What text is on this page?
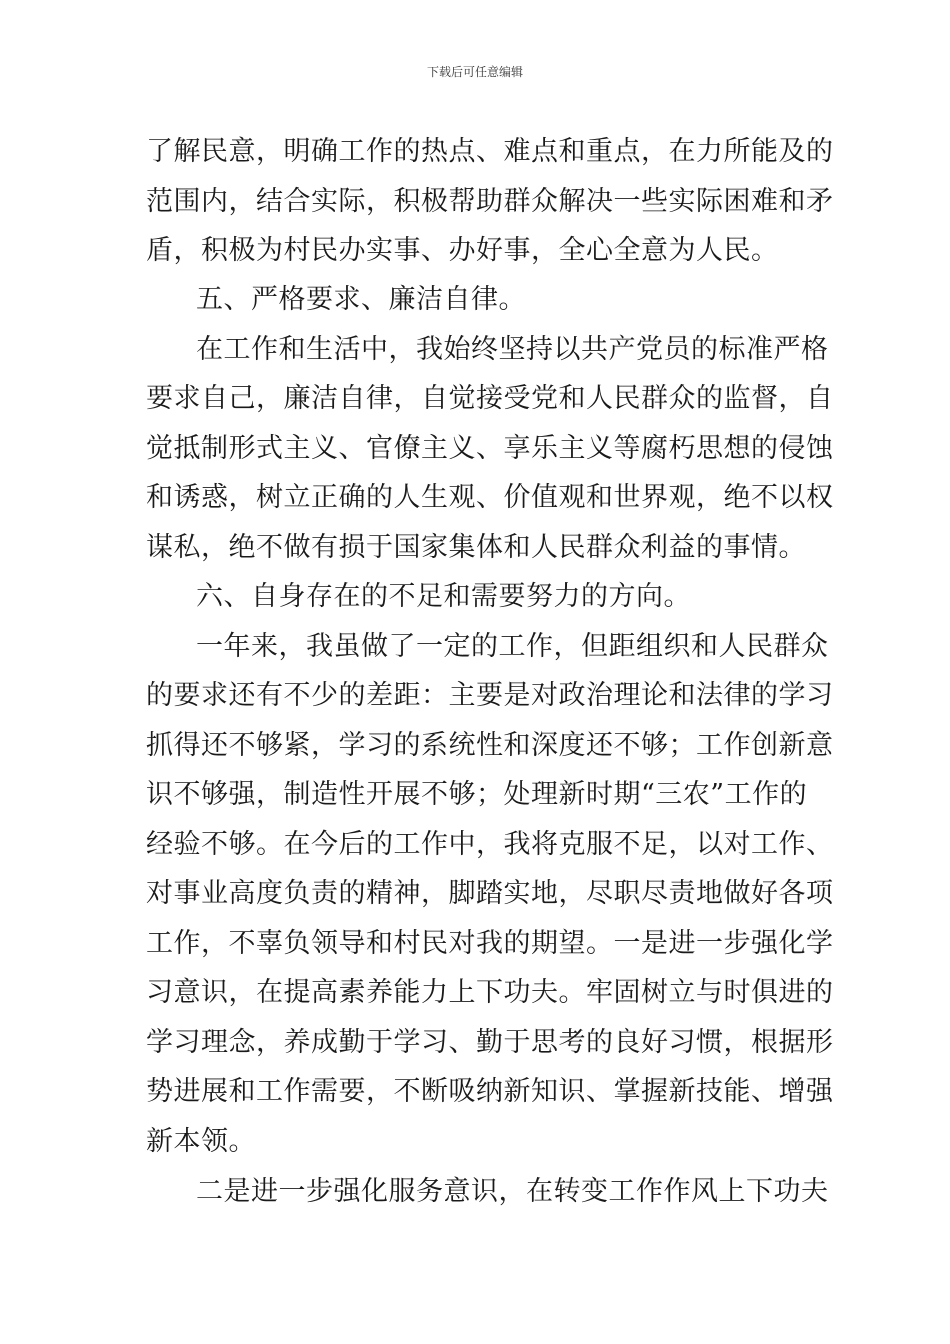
下载后可任意编辑
了解民意，明确工作的热点、难点和重点，在力所能及的
范围内，结合实际，积极帮助群众解决一些实际困难和矛
盾，积极为村民办实事、办好事，全心全意为人民。
五、严格要求、廉洁自律。
在工作和生活中，我始终坚持以共产党员的标准严格
要求自己，廉洁自律，自觉接受党和人民群众的监督，自
觉抵制形式主义、官僚主义、享乐主义等腐朽思想的侵蚀
和诱惑，树立正确的人生观、价值观和世界观，绝不以权
谋私，绝不做有损于国家集体和人民群众利益的事情。
六、自身存在的不足和需要努力的方向。
一年来，我虽做了一定的工作，但距组织和人民群众
的要求还有不少的差距：主要是对政治理论和法律的学习
抓得还不够紧，学习的系统性和深度还不够；工作创新意
识不够强，制造性开展不够；处理新时期“三农”工作的
经验不够。在今后的工作中，我将克服不足，以对工作、
对事业高度负责的精神，脚踏实地，尽职尽责地做好各项
工作，不辜负领导和村民对我的期望。一是进一步强化学
习意识，在提高素养能力上下功夫。牢固树立与时俱进的
学习理念，养成勤于学习、勤于思考的良好习惯，根据形
势进展和工作需要，不断吸纳新知识、掌握新技能、增强
新本领。
二是进一步强化服务意识，在转变工作作风上下功夫
